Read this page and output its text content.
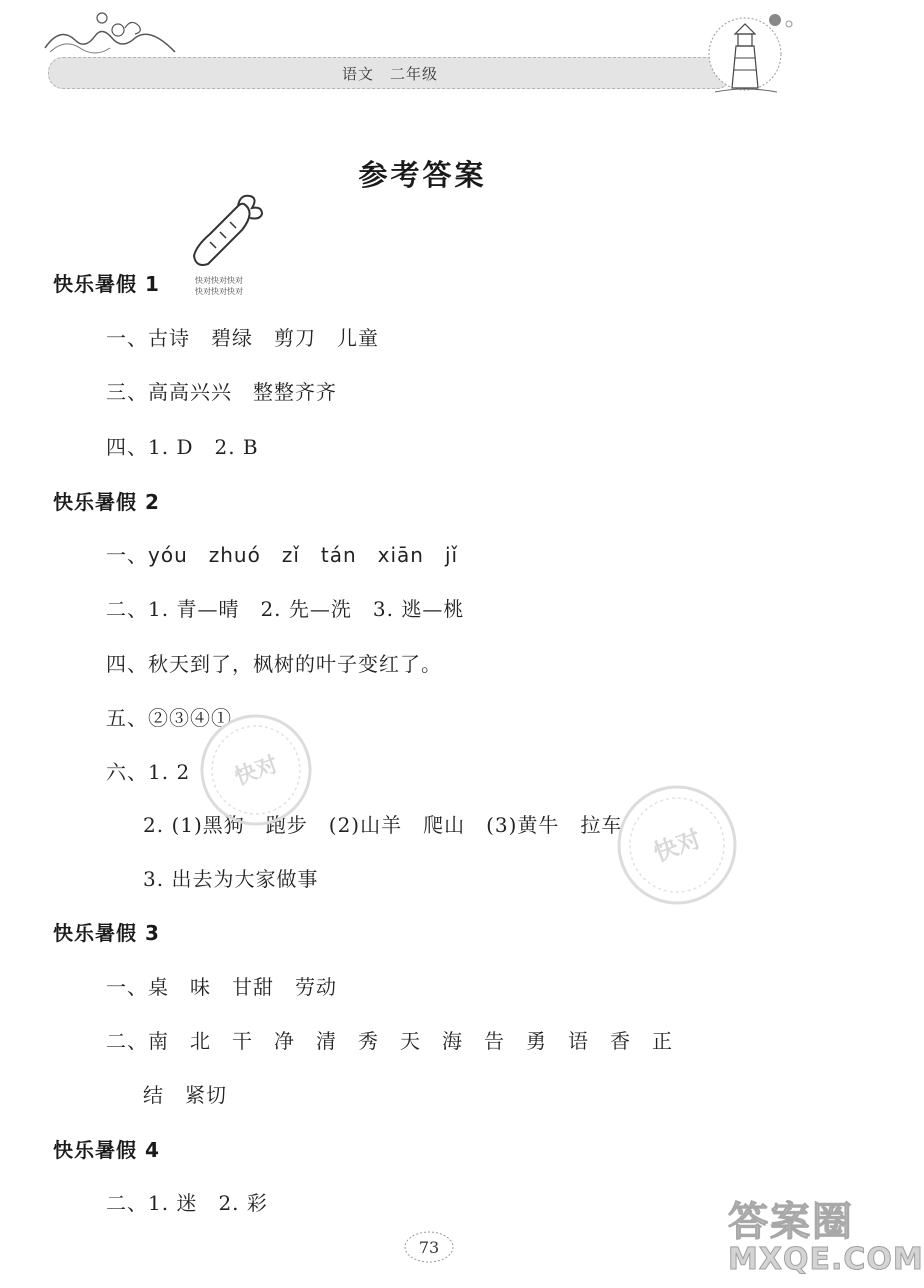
语文 二年级
参考答案
快对快对快对
快对快对快对
快乐暑假 1
一、古诗　碧绿　剪刀　儿童
三、高高兴兴　整整齐齐
四、1. D　2. B
快乐暑假 2
一、yóu　zhuó　zǐ　tán　xiān　jǐ
二、1. 青—晴　2. 先—洗　3. 逃—桃
四、秋天到了，枫树的叶子变红了。
五、②③④①
六、1. 2
2. (1)黑狗　跑步　(2)山羊　爬山　(3)黄牛　拉车
3. 出去为大家做事
快乐暑假 3
一、桌　味　甘甜　劳动
二、南　北　干　净　清　秀　天　海　告　勇　语　香　正
结　紧切
快乐暑假 4
二、1. 迷　2. 彩
快对
快对
73
答案圈
MXQE.COM
